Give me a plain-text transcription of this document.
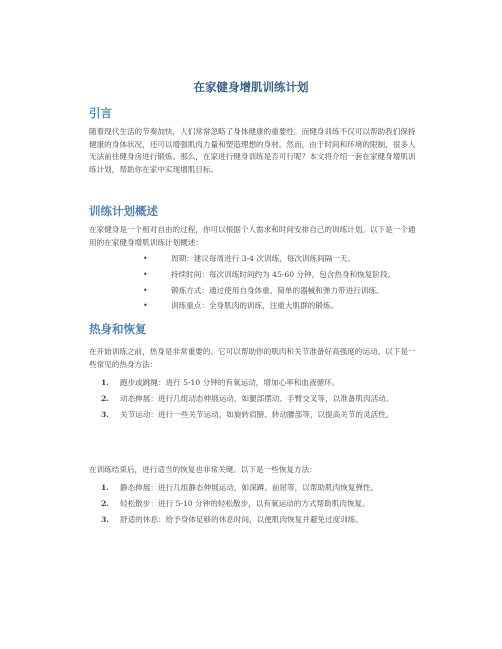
在家健身增肌训练计划
引言

随着现代生活的节奏加快，人们常常忽略了身体健康的重要性。而健身训练不仅可以帮助我们保持健康的身体状况，还可以增强肌肉力量和塑造理想的身材。然而，由于时间和环境的限制，很多人无法前往健身房进行锻炼。那么，在家进行健身训练是否可行呢？本文将介绍一套在家健身增肌训练计划，帮助你在家中实现增肌目标。

训练计划概述

在家健身是一个相对自由的过程，你可以根据个人需求和时间安排自己的训练计划。以下是一个通用的在家健身增肌训练计划概述：

•	周期：建议每周进行 3-4 次训练，每次训练间隔一天。
•	持续时间：每次训练时间约为 45-60 分钟，包含热身和恢复阶段。
•	锻炼方式：通过使用自身体重、简单的器械和弹力带进行训练。
•	训练重点：全身肌肉的训练，注重大肌群的锻炼。
热身和恢复

在开始训练之前，热身是非常重要的。它可以帮助你的肌肉和关节准备好高强度的运动。以下是一些常见的热身方法：

1. 跑步或跳绳：进行 5-10 分钟的有氧运动，增加心率和血液循环。
2. 动态伸展：进行几组动态伸展运动，如腿部摆动、手臂交叉等，以准备肌肉活动。
3. 关节运动：进行一些关节运动，如旋转肩膀、转动腰部等，以提高关节的灵活性。

在训练结束后，进行适当的恢复也非常关键。以下是一些恢复方法：

1. 静态伸展：进行几组静态伸展运动，如深蹲、前屈等，以帮助肌肉恢复弹性。
2. 轻松散步：进行 5-10 分钟的轻松散步，以有氧运动的方式帮助肌肉恢复。
3. 舒适的休息：给予身体足够的休息时间，以便肌肉恢复并避免过度训练。
